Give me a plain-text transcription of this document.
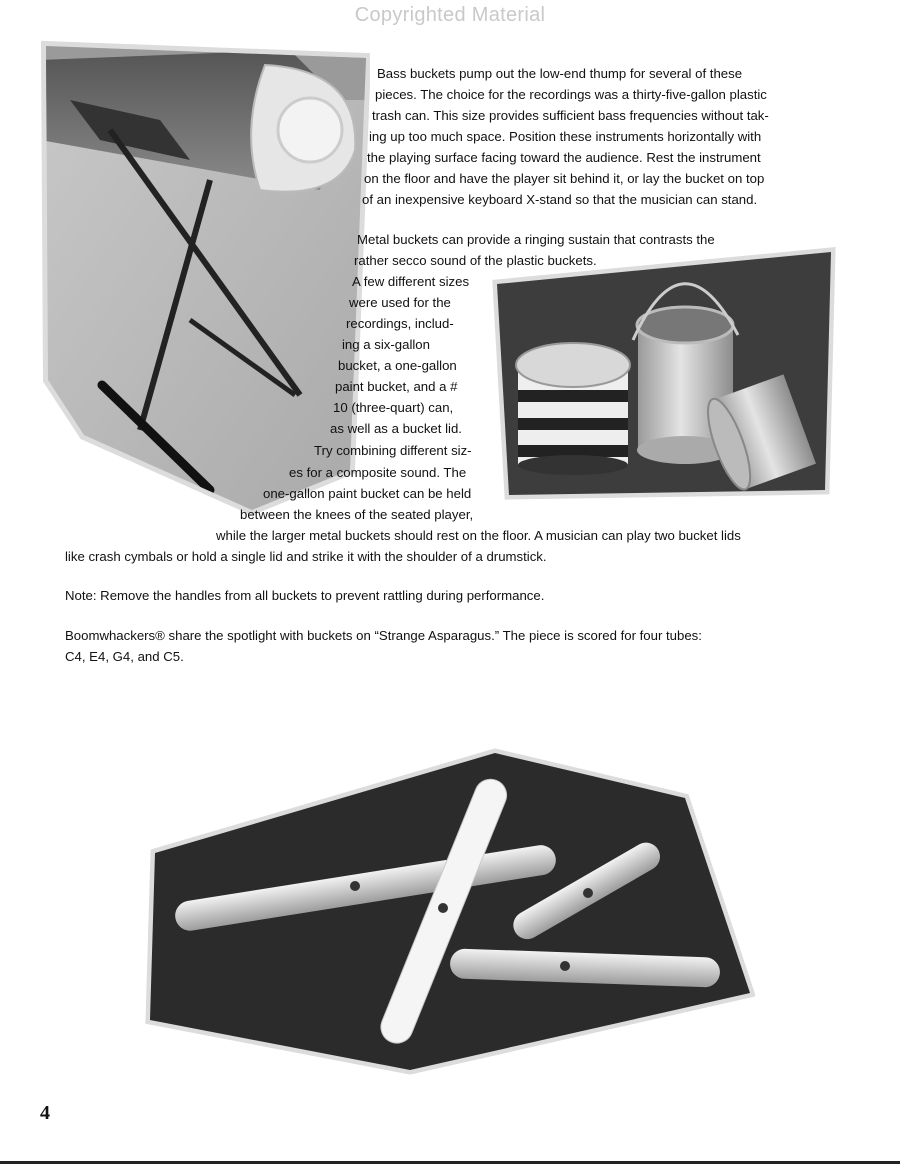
Copyrighted Material
Bass buckets pump out the low-end thump for several of these
pieces. The choice for the recordings was a thirty-five-gallon plastic
trash can. This size provides sufficient bass frequencies without tak-
ing up too much space. Position these instruments horizontally with
the playing surface facing toward the audience. Rest the instrument
on the floor and have the player sit behind it, or lay the bucket on top
of an inexpensive keyboard X-stand so that the musician can stand.
Metal buckets can provide a ringing sustain that contrasts the
rather secco sound of the plastic buckets.
A few different sizes
were used for the
recordings, includ-
ing a six-gallon
bucket, a one-gallon
paint bucket, and a #
10 (three-quart) can,
as well as a bucket lid.
Try combining different siz-
es for a composite sound. The
one-gallon paint bucket can be held
between the knees of the seated player,
while the larger metal buckets should rest on the floor. A musician can play two bucket lids
like crash cymbals or hold a single lid and strike it with the shoulder of a drumstick.
Note: Remove the handles from all buckets to prevent rattling during performance.
Boomwhackers® share the spotlight with buckets on “Strange Asparagus.” The piece is scored for four tubes:
C4, E4, G4, and C5.
4
